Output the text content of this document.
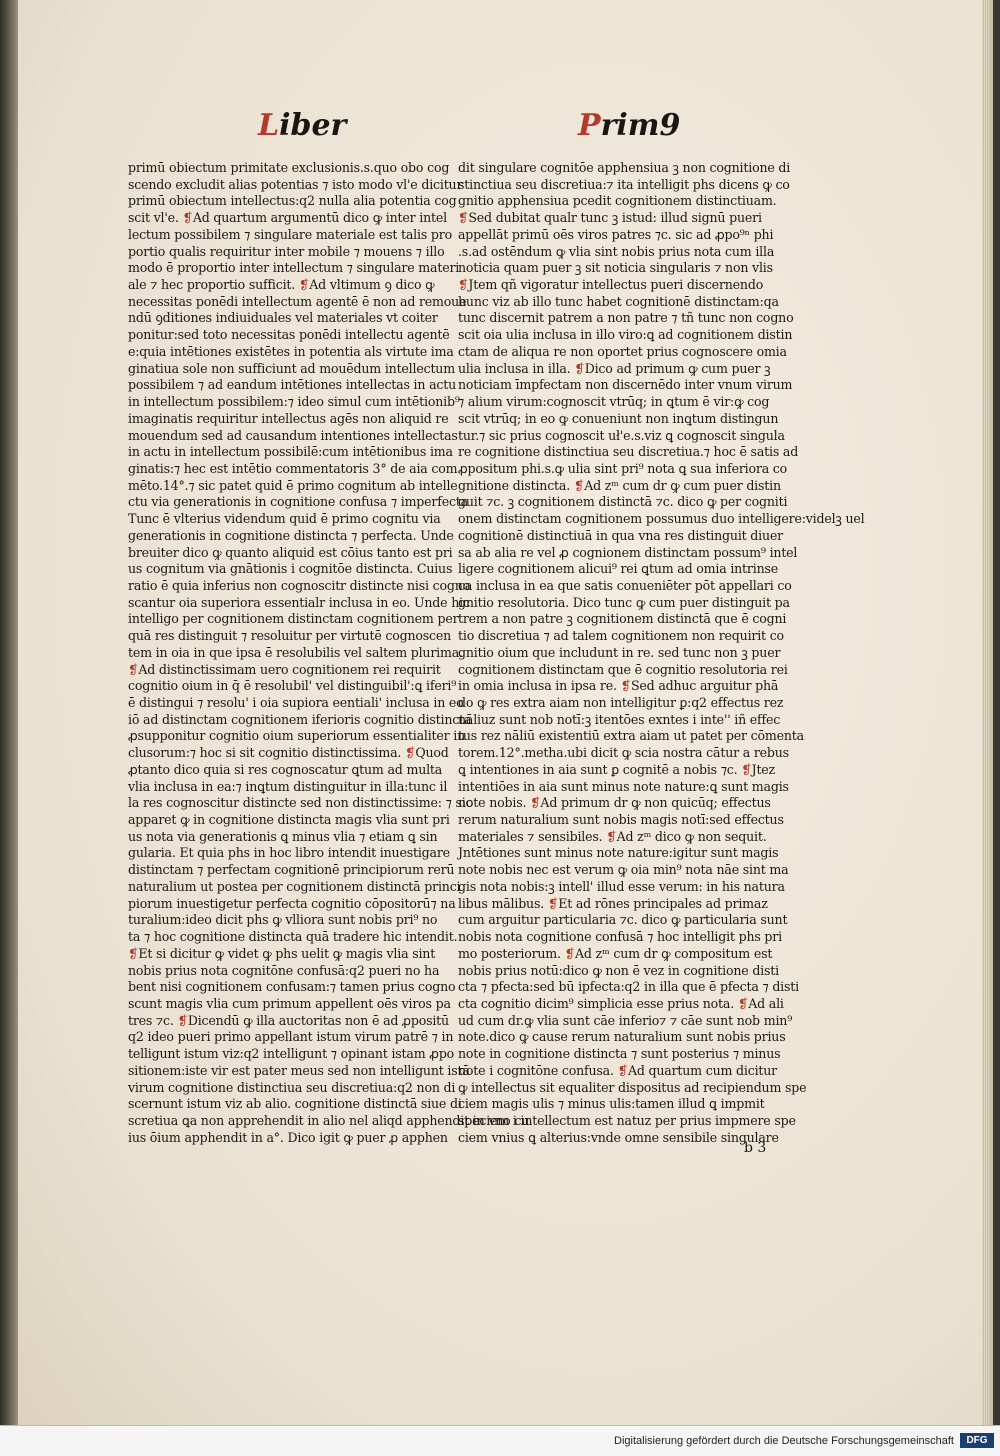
Liber	Prim9
primū obiectum primitate exclusionis.s.quo obo cog
scendo excludit alias potentias ⁊ isto modo vl'e dicitur
primū obiectum intellectus:q2 nulla alia potentia cog
scit vl'e. ❡Ad quartum argumentū dico ꝙ inter intel
lectum possibilem ⁊ singulare materiale est talis pro
portio qualis requiritur inter mobile ⁊ mouens ⁊ illo
modo ē proportio inter intellectum ⁊ singulare materi
ale ⁊ hec proportio sufficit. ❡Ad vltimum ꝯ dico ꝙ
necessitas ponēdi intellectum agentē ē non ad remoue
ndū ꝯditiones indiuiduales vel materiales vt coiter
ponitur:sed toto necessitas ponēdi intellectu agentē
e:quia intētiones existētes in potentia als virtute ima
ginatiua sole non sufficiunt ad mouēdum intellectum
possibilem ⁊ ad eandum intētiones intellectas in actu
in intellectum possibilem:⁊ ideo simul cum intētionib⁹
imaginatis requiritur intellectus agēs non aliquid re
mouendum sed ad causandum intentiones intellectas
in actu in intellectum possibilē:cum intētionibus ima
ginatis:⁊ hec est intētio commentatoris 3° de aia com
mēto.14°.⁊ sic patet quid ē primo cognitum ab intelle
ctu via generationis in cognitione confusa ⁊ imperfecta
Tunc ē vlterius videndum quid ē primo cognitu via
generationis in cognitione distincta ⁊ perfecta. Unde
breuiter dico ꝙ quanto aliquid est cōius tanto est pri
us cognitum via gnātionis i cognitōe distincta. Cuius
ratio ē quia inferius non cognoscitr distincte nisi cogno
scantur oia superiora essentialr inclusa in eo. Unde hic
intelligo per cognitionem distinctam cognitionem per
quā res distinguit ⁊ resoluitur per virtutē cognoscen
tem in oia in que ipsa ē resolubilis vel saltem plurima.
❡Ad distinctissimam uero cognitionem rei requirit
cognitio oium in q̄ ē resolubil' vel distinguibil':ꝗ iferi⁹
ē distingui ⁊ resolu' i oia supiora eentiali' inclusa in eo
iō ad distinctam cognitionem iferioris cognitio distincta
ꝓsupponitur cognitio oium superiorum essentialiter in
clusorum:⁊ hoc si sit cognitio distinctissima. ❡Quod
ꝓtanto dico quia si res cognoscatur ꝗtum ad multa
vlia inclusa in ea:⁊ inꝗtum distinguitur in illa:tunc il
la res cognoscitur distincte sed non distinctissime: ⁊ sic
apparet ꝙ in cognitione distincta magis vlia sunt pri
us nota via generationis ꝗ minus vlia ⁊ etiam ꝗ sin
gularia. Et quia phs in hoc libro intendit inuestigare
distinctam ⁊ perfectam cognitionē principiorum rerū
naturalium ut postea per cognitionem distinctā princi
piorum inuestigetur perfecta cognitio cōpositorū⁊ na
turalium:ideo dicit phs ꝙ vlliora sunt nobis pri⁹ no
ta ⁊ hoc cognitione distincta quā tradere hic intendit.
❡Et si dicitur ꝙ videt ꝙ phs uelit ꝙ magis vlia sint
nobis prius nota cognitōne confusā:q2 pueri no ha
bent nisi cognitionem confusam:⁊ tamen prius cogno
scunt magis vlia cum primum appellent oēs viros pa
tres ⁊c. ❡Dicendū ꝙ illa auctoritas non ē ad ꝓpositū
q2 ideo pueri primo appellant istum virum patrē ⁊ in
telligunt istum viz:q2 intelligunt ⁊ opinant istam ꝓpo
sitionem:iste vir est pater meus sed non intelligunt istā
virum cognitione distinctiua seu discretiua:q2 non di
scernunt istum viz ab alio. cognitione distinctā siue di
scretiua ꝗa non apprehendit in alio nel aliqd apphendit in vno cu
ius ōium apphendit in a°. Dico igit ꝙ puer ꝓ apphen
dit singulare cognitōe apphensiua ꝫ non cognitione di
stinctiua seu discretiua:⁊ ita intelligit phs dicens ꝙ co
gnitio apphensiua pcedit cognitionem distinctiuam.
❡Sed dubitat qualr tunc ꝫ istud: illud signū pueri
appellāt primū oēs viros patres ⁊c. sic ad ꝓpo⁹ⁿ phi
.s.ad ostēndum ꝙ vlia sint nobis prius nota cum illa
noticia quam puer ꝫ sit noticia singularis ⁊ non vlis
❡Jtem qñ vigoratur intellectus pueri discernendo
hunc viz ab illo tunc habet cognitionē distinctam:qa
tunc discernit patrem a non patre ⁊ tñ tunc non cogno
scit oia ulia inclusa in illo viro:ꝗ ad cognitionem distin
ctam de aliqua re non oportet prius cognoscere omia
ulia inclusa in illa. ❡Dico ad primum ꝙ cum puer ꝫ
noticiam īmpfectam non discernēdo inter vnum virum
⁊ alium virum:cognoscit vtrūq; in ꝗtum ē vir:ꝙ cog
scit vtrūq; in eo ꝙ conueniunt non inꝗtum distingun
tur.⁊ sic prius cognoscit uł'e.s.viz ꝗ cognoscit singula
re cognitione distinctiua seu discretiua.⁊ hoc ē satis ad
ꝓpositum phi.s.ꝙ ulia sint pri⁹ nota ꝗ sua inferiora co
gnitione distincta. ❡Ad zᵐ cum dr ꝙ cum puer distin
guit ⁊c. ꝫ cognitionem distinctā ⁊c. dico ꝙ per cogniti
onem distinctam cognitionem possumus duo intelligere:videlꝫ uel
cognitionē distinctiuā in qua vna res distinguit diuer
sa ab alia re vel ꝓ cognionem distinctam possum⁹ intel
ligere cognitionem alicui⁹ rei ꝗtum ad omia intrinse
ca inclusa in ea que satis conueniēter pōt appellari co
gnitio resolutoria. Dico tunc ꝙ cum puer distinguit pa
trem a non patre ꝫ cognitionem distinctā que ē cogni
tio discretiua ⁊ ad talem cognitionem non requirit co
gnitio oium que includunt in re. sed tunc non ꝫ puer
cognitionem distinctam que ē cognitio resolutoria rei
in omia inclusa in ipsa re. ❡Sed adhuc arguitur phā
do ꝙ res extra aiam non intelligitur ꝑ:q2 effectus rez
nāliuz sunt nob notī:ꝫ itentōes exntes i inte'' iñ effec
tus rez nāliū existentiū extra aiam ut patet per cōmenta
torem.12°.metha.ubi dicit ꝙ scia nostra cātur a rebus
ꝗ intentiones in aia sunt ꝑ cognitē a nobis ⁊c. ❡Jtez
intentiōes in aia sunt minus note nature:ꝗ sunt magis
note nobis. ❡Ad primum dr ꝙ non quicūq; effectus
rerum naturalium sunt nobis magis notī:sed effectus
materiales ⁊ sensibiles. ❡Ad zᵐ dico ꝙ non sequit.
Jntētiones sunt minus note nature:igitur sunt magis
note nobis nec est verum ꝙ oia min⁹ nota nāe sint ma
gis nota nobis:ꝫ intell' illud esse verum: in his natura
libus mālibus. ❡Et ad rōnes principales ad primaz
cum arguitur particularia ⁊c. dico ꝙ particularia sunt
nobis nota cognitione confusā ⁊ hoc intelligit phs pri
mo posteriorum. ❡Ad zᵐ cum dr ꝙ compositum est
nobis prius notū:dico ꝙ non ē vez in cognitione disti
cta ⁊ pfecta:sed bū ipfecta:q2 in illa que ē pfecta ⁊ disti
cta cognitio dicim⁹ simplicia esse prius nota. ❡Ad ali
ud cum dr.ꝙ vlia sunt cāe inferio⁊ ⁊ cāe sunt nob min⁹
note.dico ꝙ cause rerum naturalium sunt nobis prius
note in cognitione distincta ⁊ sunt posterius ⁊ minus
note i cognitōne confusa. ❡Ad quartum cum dicitur
ꝙ intellectus sit equaliter dispositus ad recipiendum spe
ciem magis ulis ⁊ minus ulis:tamen illud ꝗ impmit
speciem i intellectum est natuz per prius impmere spe
ciem vnius ꝗ alterius:vnde omne sensibile singulare
b 3
Digitalisierung gefördert durch die Deutsche Forschungsgemeinschaft	DFG
